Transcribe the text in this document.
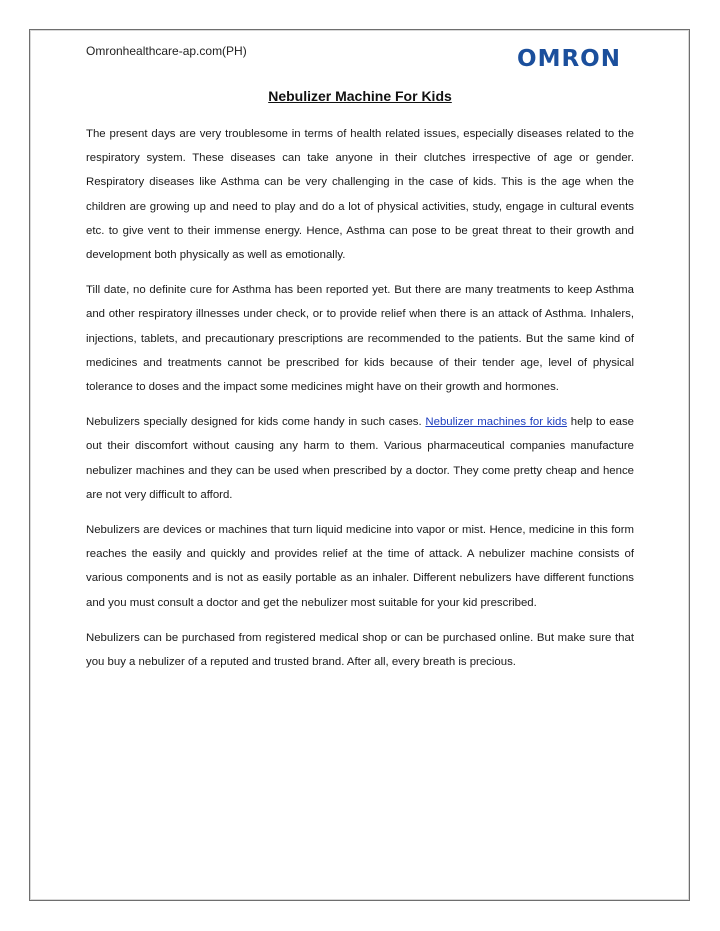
Omronhealthcare-ap.com(PH)	OMRON
Nebulizer Machine For Kids

The present days are very troublesome in terms of health related issues, especially diseases related to the respiratory system. These diseases can take anyone in their clutches irrespective of age or gender. Respiratory diseases like Asthma can be very challenging in the case of kids. This is the age when the children are growing up and need to play and do a lot of physical activities, study, engage in cultural events etc. to give vent to their immense energy. Hence, Asthma can pose to be great threat to their growth and development both physically as well as emotionally.

Till date, no definite cure for Asthma has been reported yet. But there are many treatments to keep Asthma and other respiratory illnesses under check, or to provide relief when there is an attack of Asthma. Inhalers, injections, tablets, and precautionary prescriptions are recommended to the patients. But the same kind of medicines and treatments cannot be prescribed for kids because of their tender age, level of physical tolerance to doses and the impact some medicines might have on their growth and hormones.

Nebulizers specially designed for kids come handy in such cases. Nebulizer machines for kids help to ease out their discomfort without causing any harm to them. Various pharmaceutical companies manufacture nebulizer machines and they can be used when prescribed by a doctor. They come pretty cheap and hence are not very difficult to afford.

Nebulizers are devices or machines that turn liquid medicine into vapor or mist. Hence, medicine in this form reaches the easily and quickly and provides relief at the time of attack. A nebulizer machine consists of various components and is not as easily portable as an inhaler. Different nebulizers have different functions and you must consult a doctor and get the nebulizer most suitable for your kid prescribed.

Nebulizers can be purchased from registered medical shop or can be purchased online. But make sure that you buy a nebulizer of a reputed and trusted brand. After all, every breath is precious.
